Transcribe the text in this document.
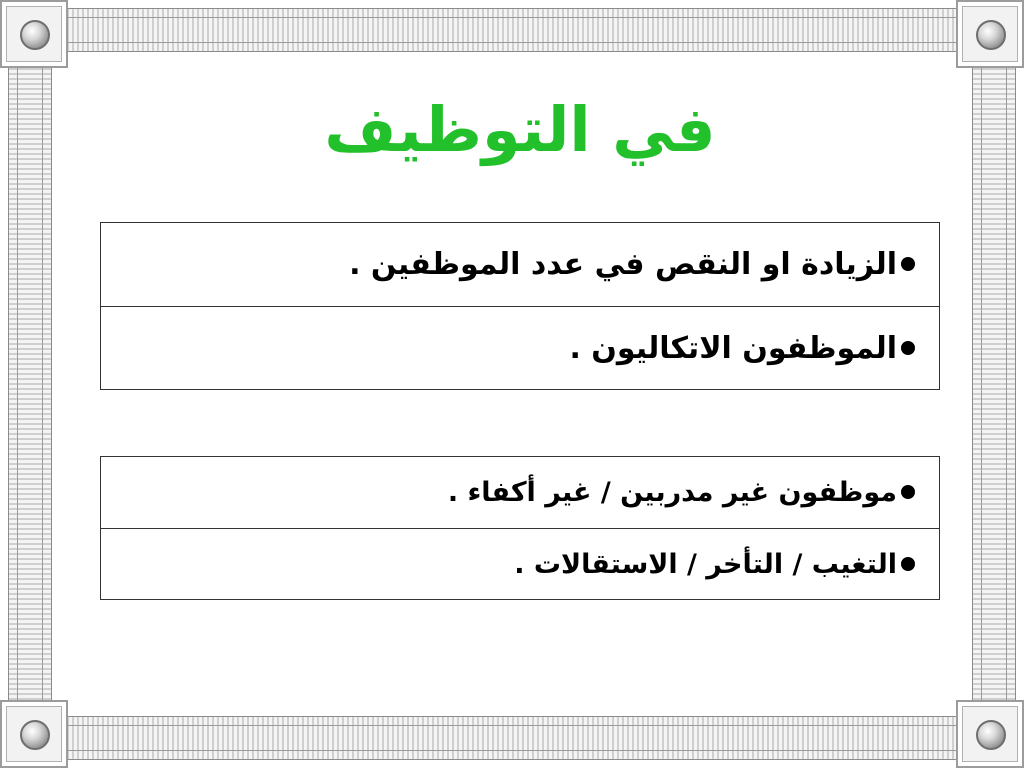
في التوظيف
الزيادة او النقص في عدد الموظفين .
الموظفون الاتكاليون .
موظفون غير مدربين / غير أكفاء .
التغيب / التأخر / الاستقالات .
